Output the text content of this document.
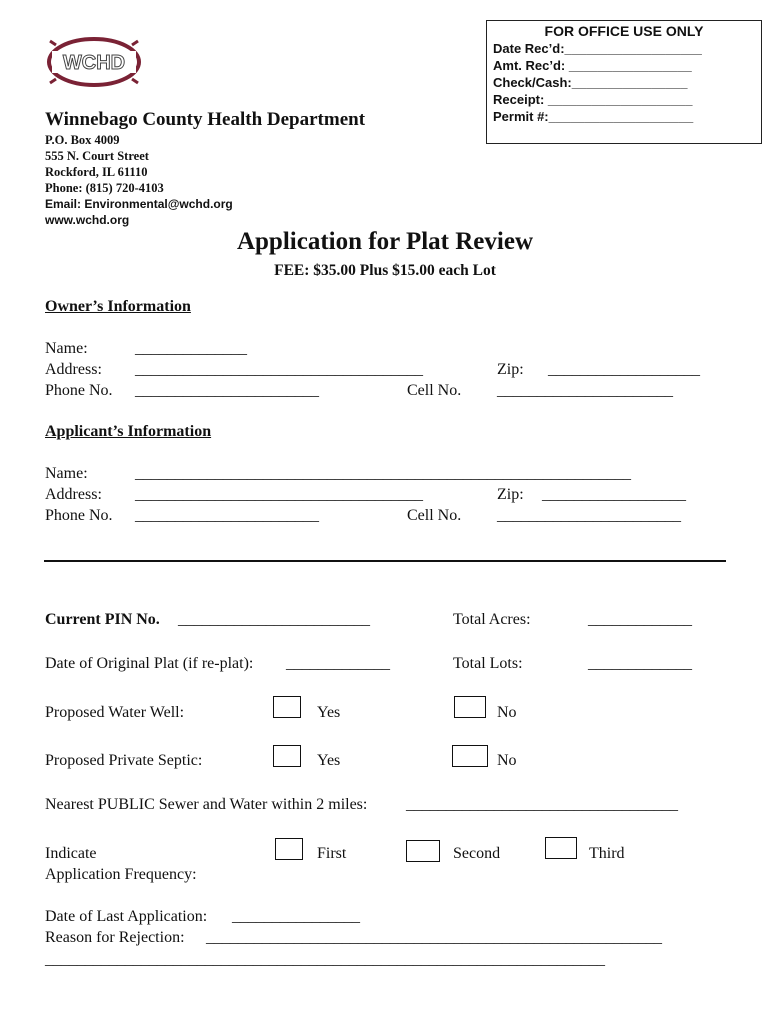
WCHD
FOR OFFICE USE ONLY
Date Rec’d:___________________
Amt. Rec’d: _________________
Check/Cash:________________
Receipt: ____________________
Permit #:____________________
Winnebago County Health Department
P.O. Box 4009
555 N. Court Street
Rockford, IL 61110
Phone: (815) 720-4103
Email: Environmental@wchd.org
www.wchd.org
Application for Plat Review
FEE: $35.00 Plus $15.00 each Lot
Owner’s Information
Name:	______________
Address: ____________________________________	Zip: ___________________
Phone No. _______________________	Cell No. ______________________
Applicant’s Information
Name:	______________________________________________________________
Address: ____________________________________	Zip: __________________
Phone No. _______________________	Cell No. _______________________
Current PIN No. ________________________	Total Acres:	_____________
Date of Original Plat (if re-plat): _____________	Total Lots:	_____________
Proposed Water Well:	Yes	No
Proposed Private Septic:	Yes	No
Nearest PUBLIC Sewer and Water within 2 miles: __________________________________
Indicate
Application Frequency:
First	Second	Third
Date of Last Application: ________________
Reason for Rejection: _________________________________________________________
______________________________________________________________________
